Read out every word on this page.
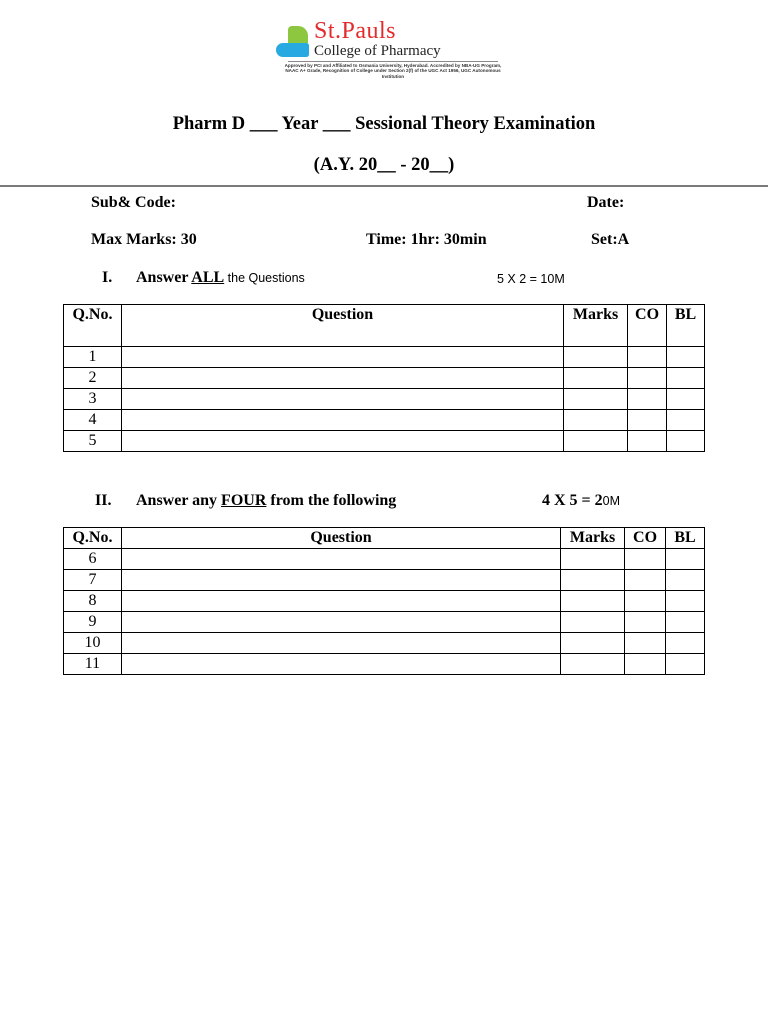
St.Pauls
College of Pharmacy
Approved by PCI and Affiliated to Osmania University, Hyderabad. Accredited by NBA-UG Program, NAAC A+ Grade, Recognition of College under Section 2(f) of the UGC Act 1956, UGC Autonomous Institution
Pharm D ___ Year ___ Sessional Theory Examination
(A.Y. 20__ - 20__)
Sub& Code:	Date:
Max Marks: 30	Time: 1hr: 30min	Set:A
I. Answer ALL the Questions	5 X 2 = 10M
Q.No.	Question	Marks	CO	BL
1				
2				
3				
4				
5				
II. Answer any FOUR from the following	4 X 5 = 20M
Q.No.	Question	Marks	CO	BL
6				
7				
8				
9				
10				
11				
